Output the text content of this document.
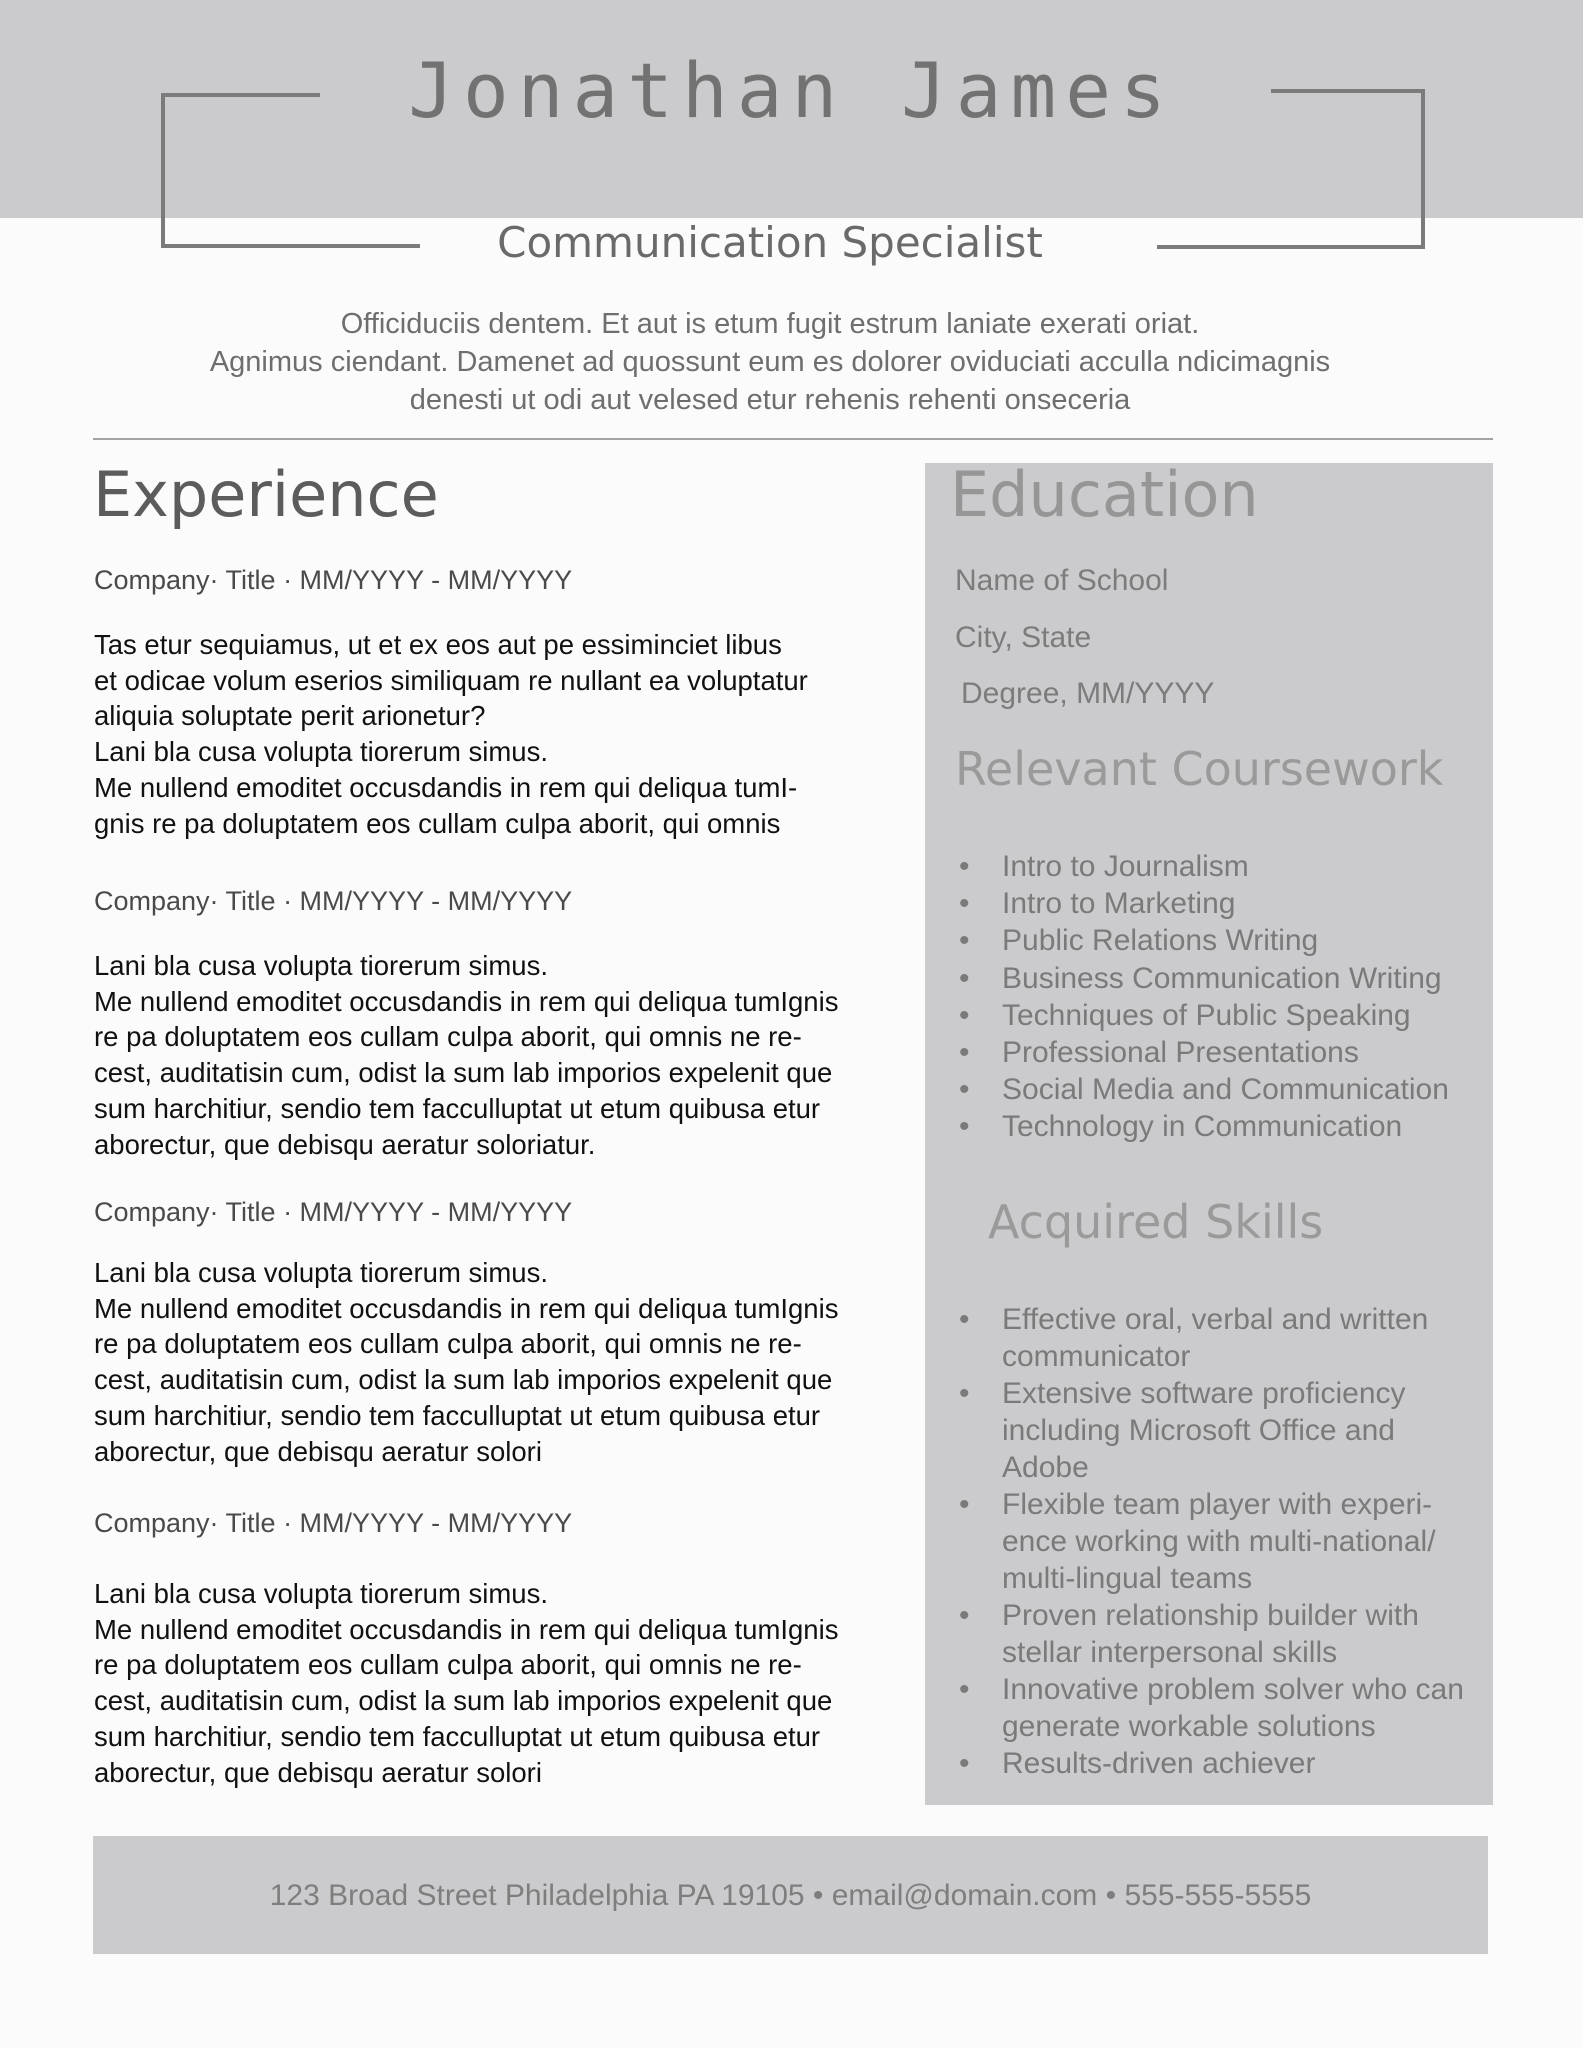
Jonathan James
Communication Specialist
Officiduciis dentem. Et aut is etum fugit estrum laniate exerati oriat.
Agnimus ciendant. Damenet ad quossunt eum es dolorer oviduciati acculla ndicimagnis
denesti ut odi aut velesed etur rehenis rehenti onseceria
Experience
Company· Title · MM/YYYY - MM/YYYY
Tas etur sequiamus, ut et ex eos aut pe essiminciet libus
et odicae volum eserios similiquam re nullant ea voluptatur
aliquia soluptate perit arionetur?
Lani bla cusa volupta tiorerum simus.
Me nullend emoditet occusdandis in rem qui deliqua tumI-
gnis re pa doluptatem eos cullam culpa aborit, qui omnis
Company· Title · MM/YYYY - MM/YYYY
Lani bla cusa volupta tiorerum simus.
Me nullend emoditet occusdandis in rem qui deliqua tumIgnis
re pa doluptatem eos cullam culpa aborit, qui omnis ne re-
cest, auditatisin cum, odist la sum lab imporios expelenit que
sum harchitiur, sendio tem facculluptat ut etum quibusa etur
aborectur, que debisqu aeratur soloriatur.
Company· Title · MM/YYYY - MM/YYYY
Lani bla cusa volupta tiorerum simus.
Me nullend emoditet occusdandis in rem qui deliqua tumIgnis
re pa doluptatem eos cullam culpa aborit, qui omnis ne re-
cest, auditatisin cum, odist la sum lab imporios expelenit que
sum harchitiur, sendio tem facculluptat ut etum quibusa etur
aborectur, que debisqu aeratur solori
Company· Title · MM/YYYY - MM/YYYY
Lani bla cusa volupta tiorerum simus.
Me nullend emoditet occusdandis in rem qui deliqua tumIgnis
re pa doluptatem eos cullam culpa aborit, qui omnis ne re-
cest, auditatisin cum, odist la sum lab imporios expelenit que
sum harchitiur, sendio tem facculluptat ut etum quibusa etur
aborectur, que debisqu aeratur solori
Education
Name of School
City, State
Degree, MM/YYYY
Relevant Coursework
• Intro to Journalism
• Intro to Marketing
• Public Relations Writing
• Business Communication Writing
• Techniques of Public Speaking
• Professional Presentations
• Social Media and Communication
• Technology in Communication
Acquired Skills
• Effective oral, verbal and written
communicator
• Extensive software proficiency
including Microsoft Office and
Adobe
• Flexible team player with experi-
ence working with multi-national/
multi-lingual teams
• Proven relationship builder with
stellar interpersonal skills
• Innovative problem solver who can
generate workable solutions
• Results-driven achiever
123 Broad Street Philadelphia PA 19105 • email@domain.com • 555-555-5555
